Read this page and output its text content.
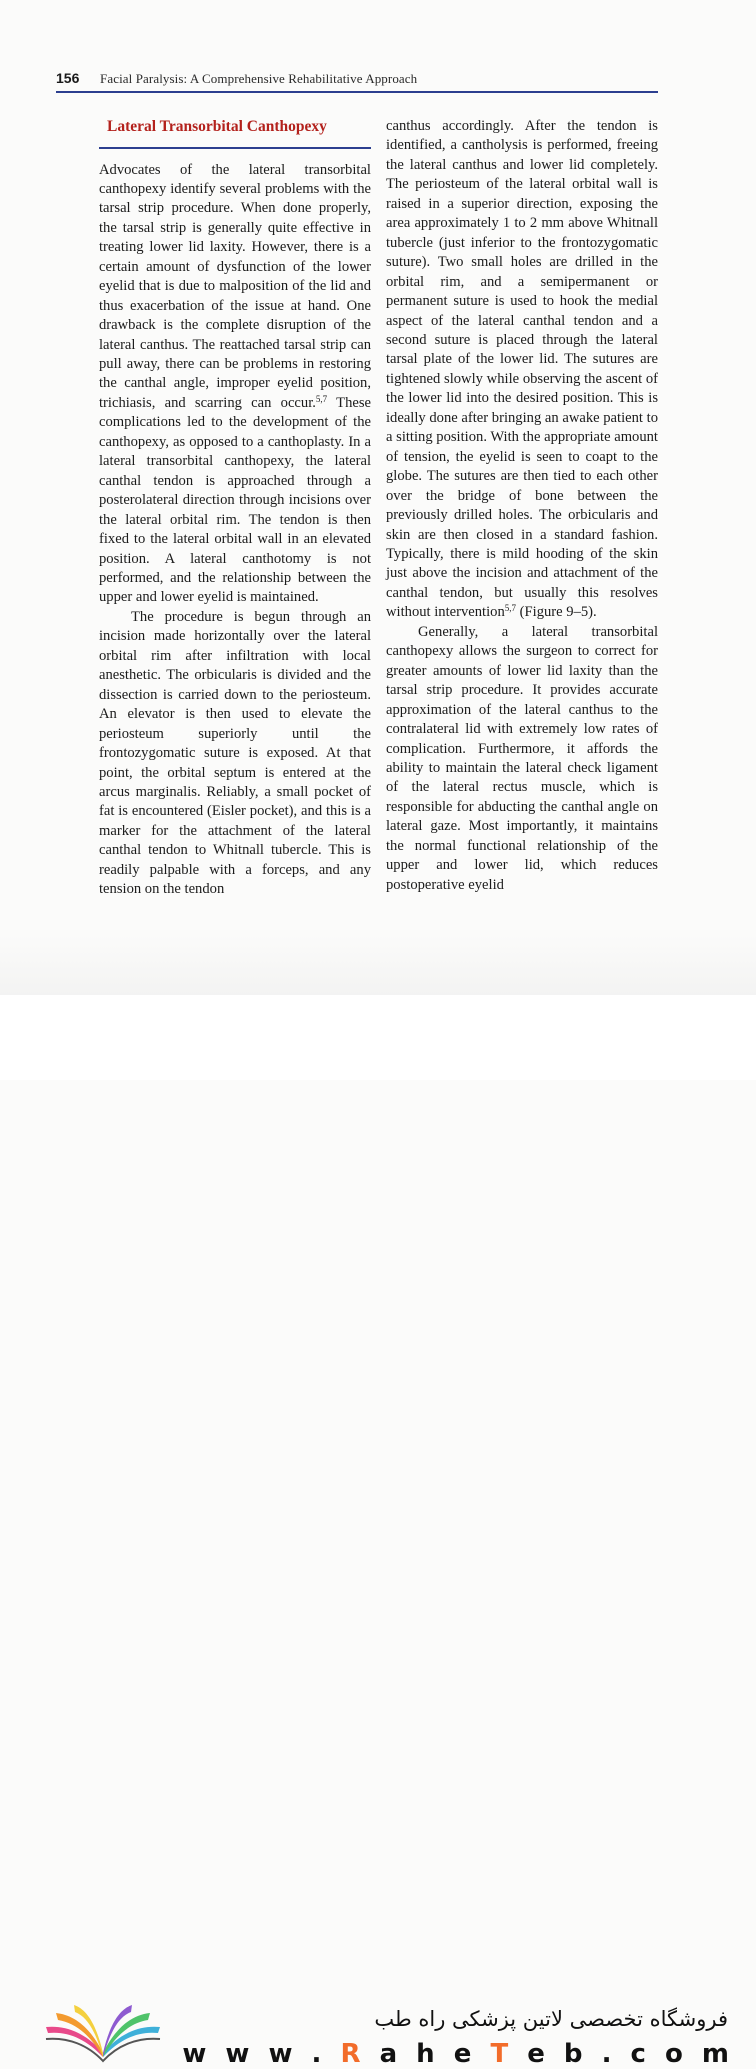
156 Facial Paralysis: A Comprehensive Rehabilitative Approach
Lateral Transorbital Canthopexy

Advocates of the lateral transorbital canthopexy identify several problems with the tarsal strip procedure. When done properly, the tarsal strip is generally quite effective in treating lower lid laxity. However, there is a certain amount of dysfunction of the lower eyelid that is due to malposition of the lid and thus exacerbation of the issue at hand. One drawback is the complete disruption of the lateral canthus. The reattached tarsal strip can pull away, there can be problems in restoring the canthal angle, improper eyelid position, trichiasis, and scarring can occur.$^{5,7}$ These complications led to the development of the canthopexy, as opposed to a canthoplasty. In a lateral transorbital canthopexy, the lateral canthal tendon is approached through a posterolateral direction through incisions over the lateral orbital rim. The tendon is then fixed to the lateral orbital wall in an elevated position. A lateral canthotomy is not performed, and the relationship between the upper and lower eyelid is maintained.

The procedure is begun through an incision made horizontally over the lateral orbital rim after infiltration with local anesthetic. The orbicularis is divided and the dissection is carried down to the periosteum. An elevator is then used to elevate the periosteum superiorly until the frontozygomatic suture is exposed. At that point, the orbital septum is entered at the arcus marginalis. Reliably, a small pocket of fat is encountered (Eisler pocket), and this is a marker for the attachment of the lateral canthal tendon to Whitnall tubercle. This is readily palpable with a forceps, and any tension on the tendon

canthus accordingly. After the tendon is identified, a cantholysis is performed, freeing the lateral canthus and lower lid completely. The periosteum of the lateral orbital wall is raised in a superior direction, exposing the area approximately 1 to 2 mm above Whitnall tubercle (just inferior to the frontozygomatic suture). Two small holes are drilled in the orbital rim, and a semipermanent or permanent suture is used to hook the medial aspect of the lateral canthal tendon and a second suture is placed through the lateral tarsal plate of the lower lid. The sutures are tightened slowly while observing the ascent of the lower lid into the desired position. This is ideally done after bringing an awake patient to a sitting position. With the appropriate amount of tension, the eyelid is seen to coapt to the globe. The sutures are then tied to each other over the bridge of bone between the previously drilled holes. The orbicularis and skin are then closed in a standard fashion. Typically, there is mild hooding of the skin just above the incision and attachment of the canthal tendon, but usually this resolves without intervention$^{5,7}$ (Figure 9–5).

Generally, a lateral transorbital canthopexy allows the surgeon to correct for greater amounts of lower lid laxity than the tarsal strip procedure. It provides accurate approximation of the lateral canthus to the contralateral lid with extremely low rates of complication. Furthermore, it affords the ability to maintain the lateral check ligament of the lateral rectus muscle, which is responsible for abducting the canthal angle on lateral gaze. Most importantly, it maintains the normal functional relationship of the upper and lower lid, which reduces postoperative eyelid

فروشگاه تخصصی لاتین پزشکی راه طب
w w w . R a h e T e b . c o m
